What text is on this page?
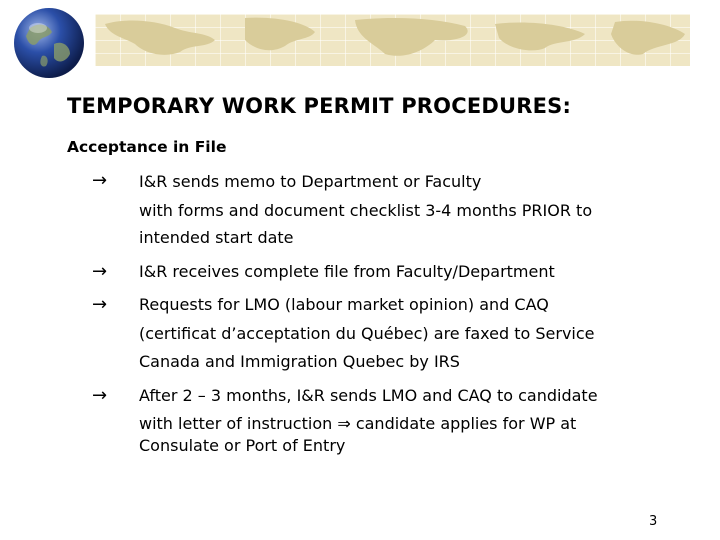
TEMPORARY WORK PERMIT PROCEDURES:
Acceptance in File
→ I&R sends memo to Department or Faculty
with forms and document checklist 3-4 months PRIOR to
intended start date
→ I&R receives complete file from Faculty/Department
→ Requests for LMO (labour market opinion) and CAQ
(certificat d’acceptation du Québec) are faxed to Service
Canada and Immigration Quebec by IRS
→ After 2 – 3 months, I&R sends LMO and CAQ to candidate
with letter of instruction ⇒ candidate applies for WP at
Consulate or Port of Entry
3
